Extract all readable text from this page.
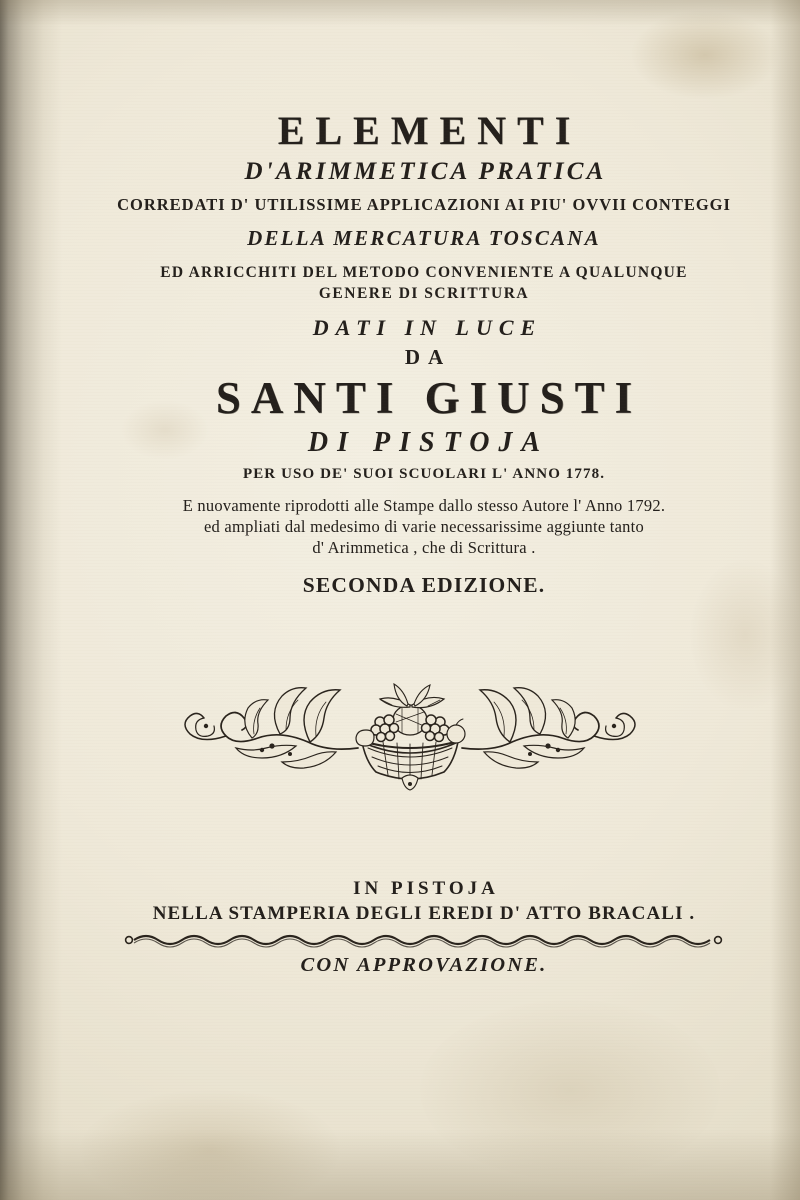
ELEMENTI

D'ARIMMETICA PRATICA

CORREDATI D' UTILISSIME APPLICAZIONI AI PIU' OVVII CONTEGGI

DELLA MERCATURA TOSCANA

ED ARRICCHITI DEL METODO CONVENIENTE A QUALUNQUE

GENERE DI SCRITTURA

DATI IN LUCE

DA

SANTI GIUSTI

DI PISTOJA

PER USO DE' SUOI SCUOLARI L' ANNO 1778.

E nuovamente riprodotti alle Stampe dallo stesso Autore l' Anno 1792.
ed ampliati dal medesimo di varie necessarissime aggiunte tanto
d' Arimmetica , che di Scrittura .

SECONDA EDIZIONE.

IN PISTOJA

NELLA STAMPERIA DEGLI EREDI D' ATTO BRACALI .

CON APPROVAZIONE.
